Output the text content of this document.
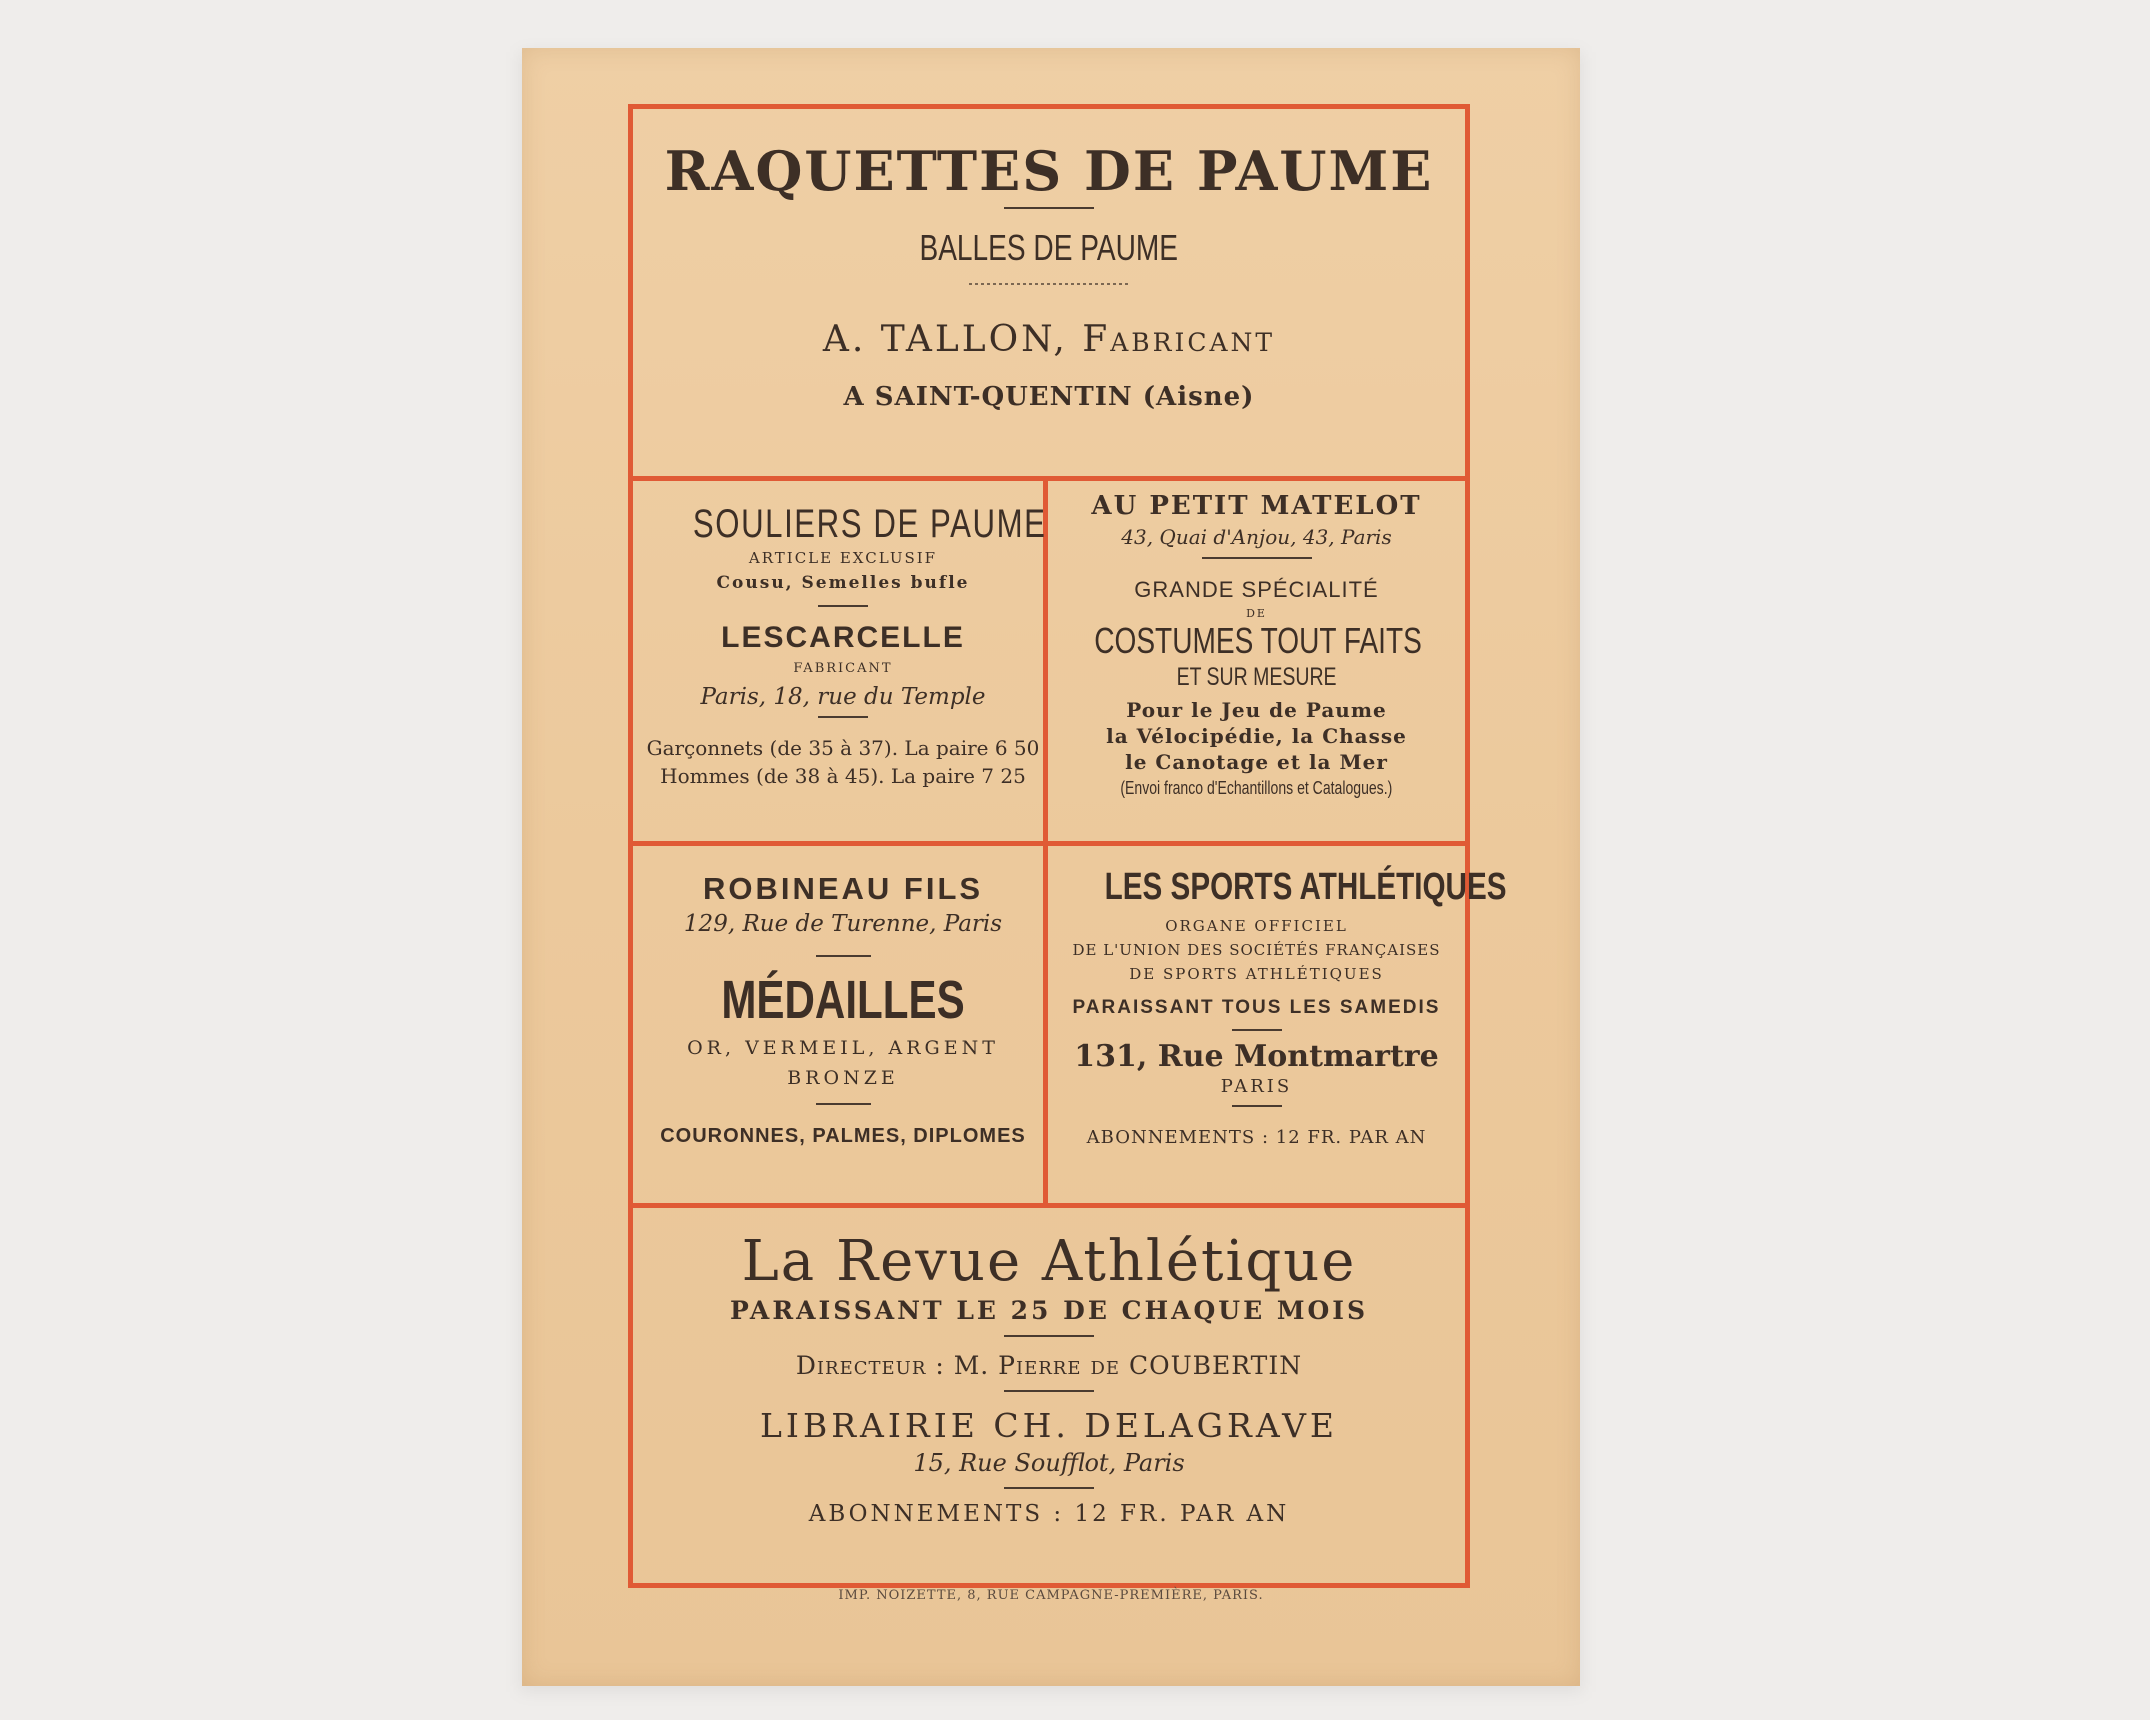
RAQUETTES DE PAUME
BALLES DE PAUME
A. TALLON, Fabricant
A SAINT-QUENTIN (Aisne)
SOULIERS DE PAUME
ARTICLE EXCLUSIF
Cousu, Semelles bufle
LESCARCELLE
FABRICANT
Paris, 18, rue du Temple
Garçonnets (de 35 à 37). La paire 6 50
Hommes (de 38 à 45). La paire 7 25
AU PETIT MATELOT
43, Quai d'Anjou, 43, Paris
GRANDE SPÉCIALITÉ
DE
COSTUMES TOUT FAITS
ET SUR MESURE
Pour le Jeu de Paume
la Vélocipédie, la Chasse
le Canotage et la Mer
(Envoi franco d'Echantillons et Catalogues.)
ROBINEAU FILS
129, Rue de Turenne, Paris
MÉDAILLES
OR, VERMEIL, ARGENT
BRONZE
COURONNES, PALMES, DIPLOMES
LES SPORTS ATHLÉTIQUES
ORGANE OFFICIEL
DE L'UNION DES SOCIÉTÉS FRANÇAISES
DE SPORTS ATHLÉTIQUES
PARAISSANT TOUS LES SAMEDIS
131, Rue Montmartre
PARIS
ABONNEMENTS : 12 FR. PAR AN
La Revue Athlétique
PARAISSANT LE 25 DE CHAQUE MOIS
Directeur : M. Pierre de COUBERTIN
LIBRAIRIE CH. DELAGRAVE
15, Rue Soufflot, Paris
ABONNEMENTS : 12 FR. PAR AN
IMP. NOIZETTE, 8, RUE CAMPAGNE-PREMIÈRE, PARIS.
